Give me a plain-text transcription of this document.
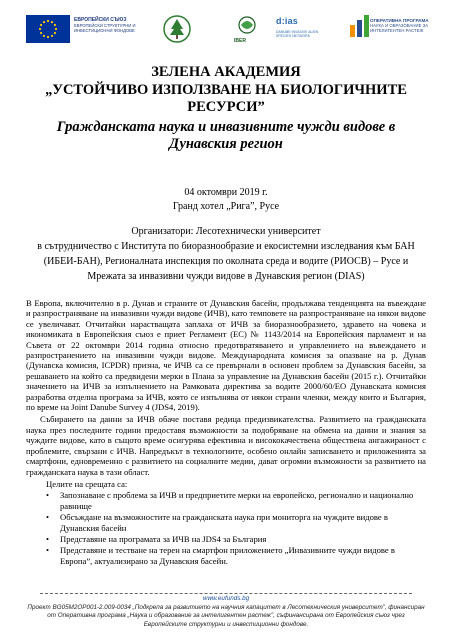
ЕВРОПЕЙСКИ СЪЮЗ
ЕВРОПЕЙСКИ СТРУКТУРНИ И ИНВЕСТИЦИОННИ ФОНДОВЕ
IBER
d:ias
DANUBE INVASIVE ALIEN SPECIES NETWORK
ОПЕРАТИВНА ПРОГРАМА
НАУКА И ОБРАЗОВАНИЕ ЗА ИНТЕЛИГЕНТЕН РАСТЕЖ
ЗЕЛЕНА АКАДЕМИЯ
„УСТОЙЧИВО ИЗПОЛЗВАНЕ НА БИОЛОГИЧНИТЕ РЕСУРСИ”
Гражданската наука и инвазивните чужди видове в Дунавския регион
04 октомври 2019 г.
Гранд хотел „Рига”, Русе
Организатори: Лесотехнически университет
в сътрудничество с Института по биоразнообразие и екосистемни изследвания към БАН (ИБЕИ-БАН), Регионалната инспекция по околната среда и водите (РИОСВ) – Русе и Мрежата за инвазивни чужди видове в Дунавския регион (DIAS)

В Европа, включително в р. Дунав и страните от Дунавския басейн, продължава тенденцията на въвеждане и разпространяване на инвазивни чужди видове (ИЧВ), като темповете на разпространяване на някои видове се увеличават. Отчитайки нарастващата заплаха от ИЧВ за биоразнообразието, здравето на човека и икономиката в Европейския съюз е приет Регламент (ЕС) № 1143/2014 на Европейския парламент и на Съвета от 22 октомври 2014 година относно предотвратяването и управлението на въвеждането и разпространението на инвазивни чужди видове. Международната комисия за опазване на р. Дунав (Дунавска комисия, ICPDR) призна, че ИЧВ са се превърнали в основен проблем за Дунавския басейн, за решаването на който са предвидени мерки в Плана за управление на Дунавския басейн (2015 г.). Отчитайки значението на ИЧВ за изпълнението на Рамковата директива за водите 2000/60/ЕО Дунавската комисия разработва отделна програма за ИЧВ, която се изпълнява от някои страни членки, между които и България, по време на Joint Danube Survey 4 (JDS4, 2019).

Събирането на данни за ИЧВ обаче поставя редица предизвикателства. Развитието на гражданската наука през последните години предоставя възможности за подобряване на обмена на данни и знания за чуждите видове, като в същото време осигурява ефективна и висококачествена обществена ангажираност с проблемите, свързани с ИЧВ. Напредъкът в технологиите, особено онлайн записването и приложенията за смартфони, едновременно с развитието на социалните медии, дават огромни възможности за развитието на гражданската наука в тази област.

Целите на срещата са:
• Запознаване с проблема за ИЧВ и предприетите мерки на европейско, регионално и национално равнище
• Обсъждане на възможностите на гражданската наука при мониторга на чуждите видове в Дунавския басейн
• Представяне на програмата за ИЧВ на JDS4 за България
• Представяне и тестване на терен на смартфон приложението „Инвазивните чужди видове в Европа”, актуализирано за Дунавския басейн.
www.eufunds.bg
Проект BG05M2OP001-2.009-0034 „Подкрепа за развитието на научния капацитет в Лесотехническия университет”, финансиран от Оперативна програма „Наука и образование за интелигентен растеж”, съфинансирана от Европейския съюз чрез Европейските структурни и инвестиционни фондове.
